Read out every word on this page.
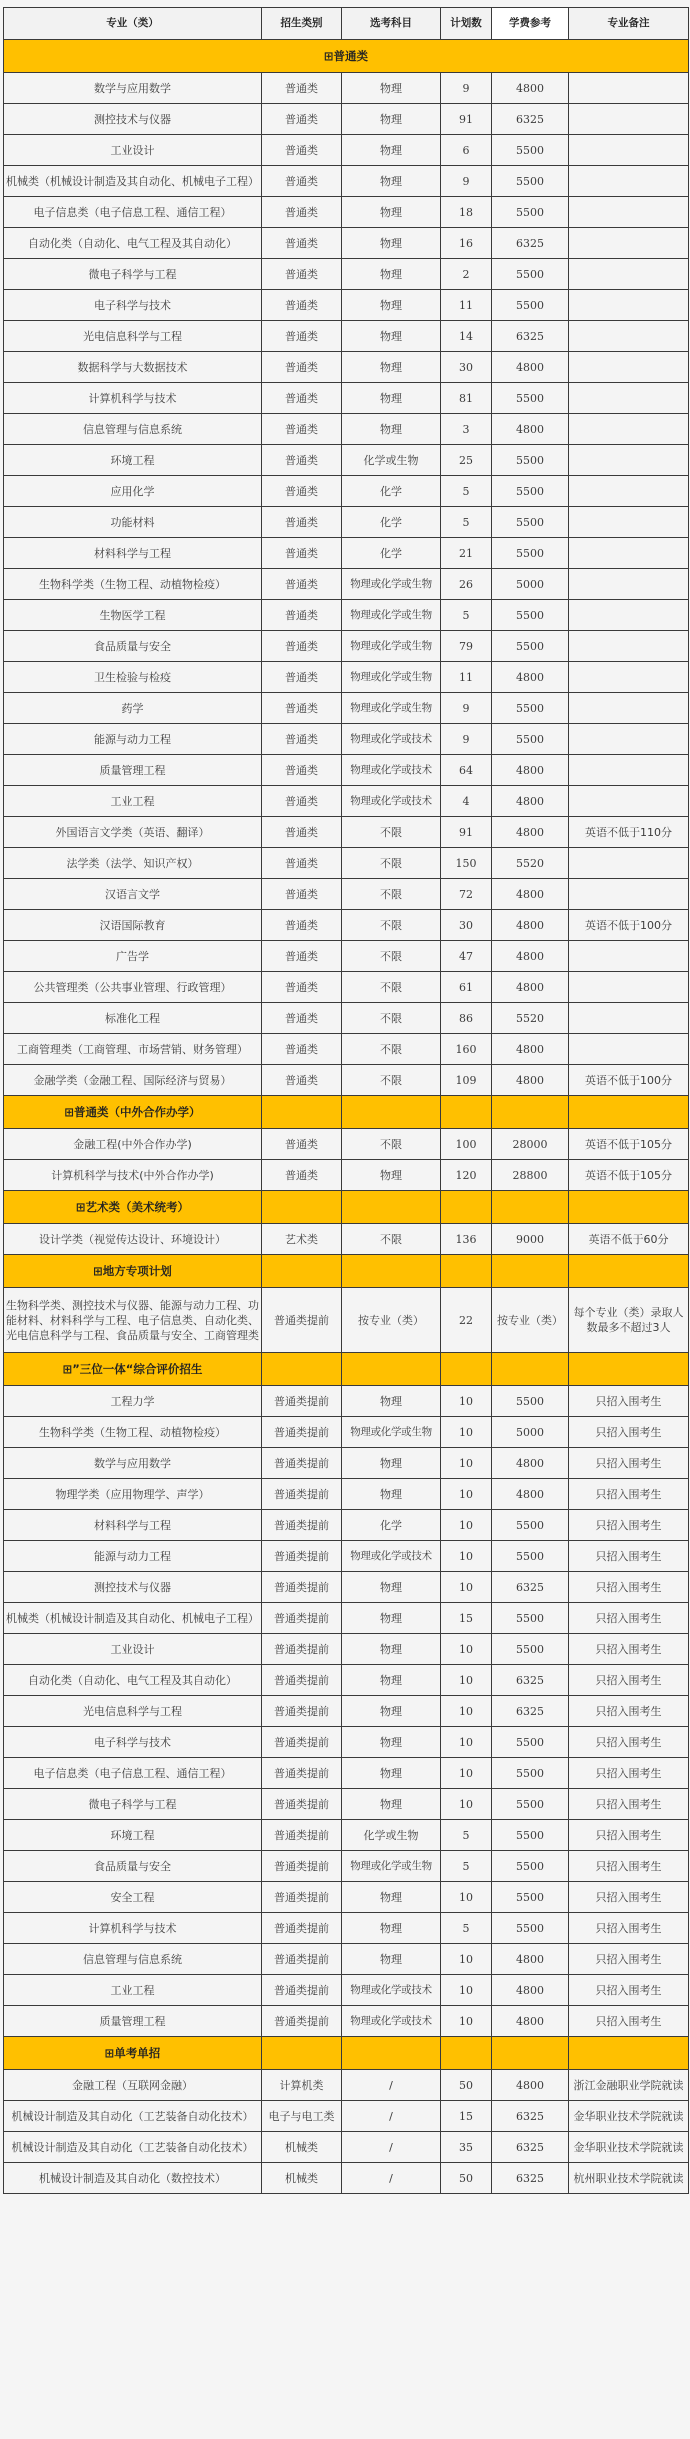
专业（类）	招生类别	选考科目	计划数	学费参考	专业备注
⊞普通类					
数学与应用数学	普通类	物理	9	4800	
测控技术与仪器	普通类	物理	91	6325	
工业设计	普通类	物理	6	5500	
机械类（机械设计制造及其自动化、机械电子工程）	普通类	物理	9	5500	
电子信息类（电子信息工程、通信工程）	普通类	物理	18	5500	
自动化类（自动化、电气工程及其自动化）	普通类	物理	16	6325	
微电子科学与工程	普通类	物理	2	5500	
电子科学与技术	普通类	物理	11	5500	
光电信息科学与工程	普通类	物理	14	6325	
数据科学与大数据技术	普通类	物理	30	4800	
计算机科学与技术	普通类	物理	81	5500	
信息管理与信息系统	普通类	物理	3	4800	
环境工程	普通类	化学或生物	25	5500	
应用化学	普通类	化学	5	5500	
功能材料	普通类	化学	5	5500	
材料科学与工程	普通类	化学	21	5500	
生物科学类（生物工程、动植物检疫）	普通类	物理或化学或生物	26	5000	
生物医学工程	普通类	物理或化学或生物	5	5500	
食品质量与安全	普通类	物理或化学或生物	79	5500	
卫生检验与检疫	普通类	物理或化学或生物	11	4800	
药学	普通类	物理或化学或生物	9	5500	
能源与动力工程	普通类	物理或化学或技术	9	5500	
质量管理工程	普通类	物理或化学或技术	64	4800	
工业工程	普通类	物理或化学或技术	4	4800	
外国语言文学类（英语、翻译）	普通类	不限	91	4800	英语不低于110分
法学类（法学、知识产权）	普通类	不限	150	5520	
汉语言文学	普通类	不限	72	4800	
汉语国际教育	普通类	不限	30	4800	英语不低于100分
广告学	普通类	不限	47	4800	
公共管理类（公共事业管理、行政管理）	普通类	不限	61	4800	
标准化工程	普通类	不限	86	5520	
工商管理类（工商管理、市场营销、财务管理）	普通类	不限	160	4800	
金融学类（金融工程、国际经济与贸易）	普通类	不限	109	4800	英语不低于100分
⊞普通类（中外合作办学）					
金融工程(中外合作办学)	普通类	不限	100	28000	英语不低于105分
计算机科学与技术(中外合作办学)	普通类	物理	120	28800	英语不低于105分
⊞艺术类（美术统考）					
设计学类（视觉传达设计、环境设计）	艺术类	不限	136	9000	英语不低于60分
⊞地方专项计划					
生物科学类、测控技术与仪器、能源与动力工程、功能材料、材料科学与工程、电子信息类、自动化类、光电信息科学与工程、食品质量与安全、工商管理类	普通类提前	按专业（类）	22	按专业（类）	每个专业（类）录取人数最多不超过3人
⊞”三位一体“综合评价招生					
工程力学	普通类提前	物理	10	5500	只招入围考生
生物科学类（生物工程、动植物检疫）	普通类提前	物理或化学或生物	10	5000	只招入围考生
数学与应用数学	普通类提前	物理	10	4800	只招入围考生
物理学类（应用物理学、声学）	普通类提前	物理	10	4800	只招入围考生
材料科学与工程	普通类提前	化学	10	5500	只招入围考生
能源与动力工程	普通类提前	物理或化学或技术	10	5500	只招入围考生
测控技术与仪器	普通类提前	物理	10	6325	只招入围考生
机械类（机械设计制造及其自动化、机械电子工程）	普通类提前	物理	15	5500	只招入围考生
工业设计	普通类提前	物理	10	5500	只招入围考生
自动化类（自动化、电气工程及其自动化）	普通类提前	物理	10	6325	只招入围考生
光电信息科学与工程	普通类提前	物理	10	6325	只招入围考生
电子科学与技术	普通类提前	物理	10	5500	只招入围考生
电子信息类（电子信息工程、通信工程）	普通类提前	物理	10	5500	只招入围考生
微电子科学与工程	普通类提前	物理	10	5500	只招入围考生
环境工程	普通类提前	化学或生物	5	5500	只招入围考生
食品质量与安全	普通类提前	物理或化学或生物	5	5500	只招入围考生
安全工程	普通类提前	物理	10	5500	只招入围考生
计算机科学与技术	普通类提前	物理	5	5500	只招入围考生
信息管理与信息系统	普通类提前	物理	10	4800	只招入围考生
工业工程	普通类提前	物理或化学或技术	10	4800	只招入围考生
质量管理工程	普通类提前	物理或化学或技术	10	4800	只招入围考生
⊞单考单招					
金融工程（互联网金融）	计算机类	/	50	4800	浙江金融职业学院就读
机械设计制造及其自动化（工艺装备自动化技术）	电子与电工类	/	15	6325	金华职业技术学院就读
机械设计制造及其自动化（工艺装备自动化技术）	机械类	/	35	6325	金华职业技术学院就读
机械设计制造及其自动化（数控技术）	机械类	/	50	6325	杭州职业技术学院就读
